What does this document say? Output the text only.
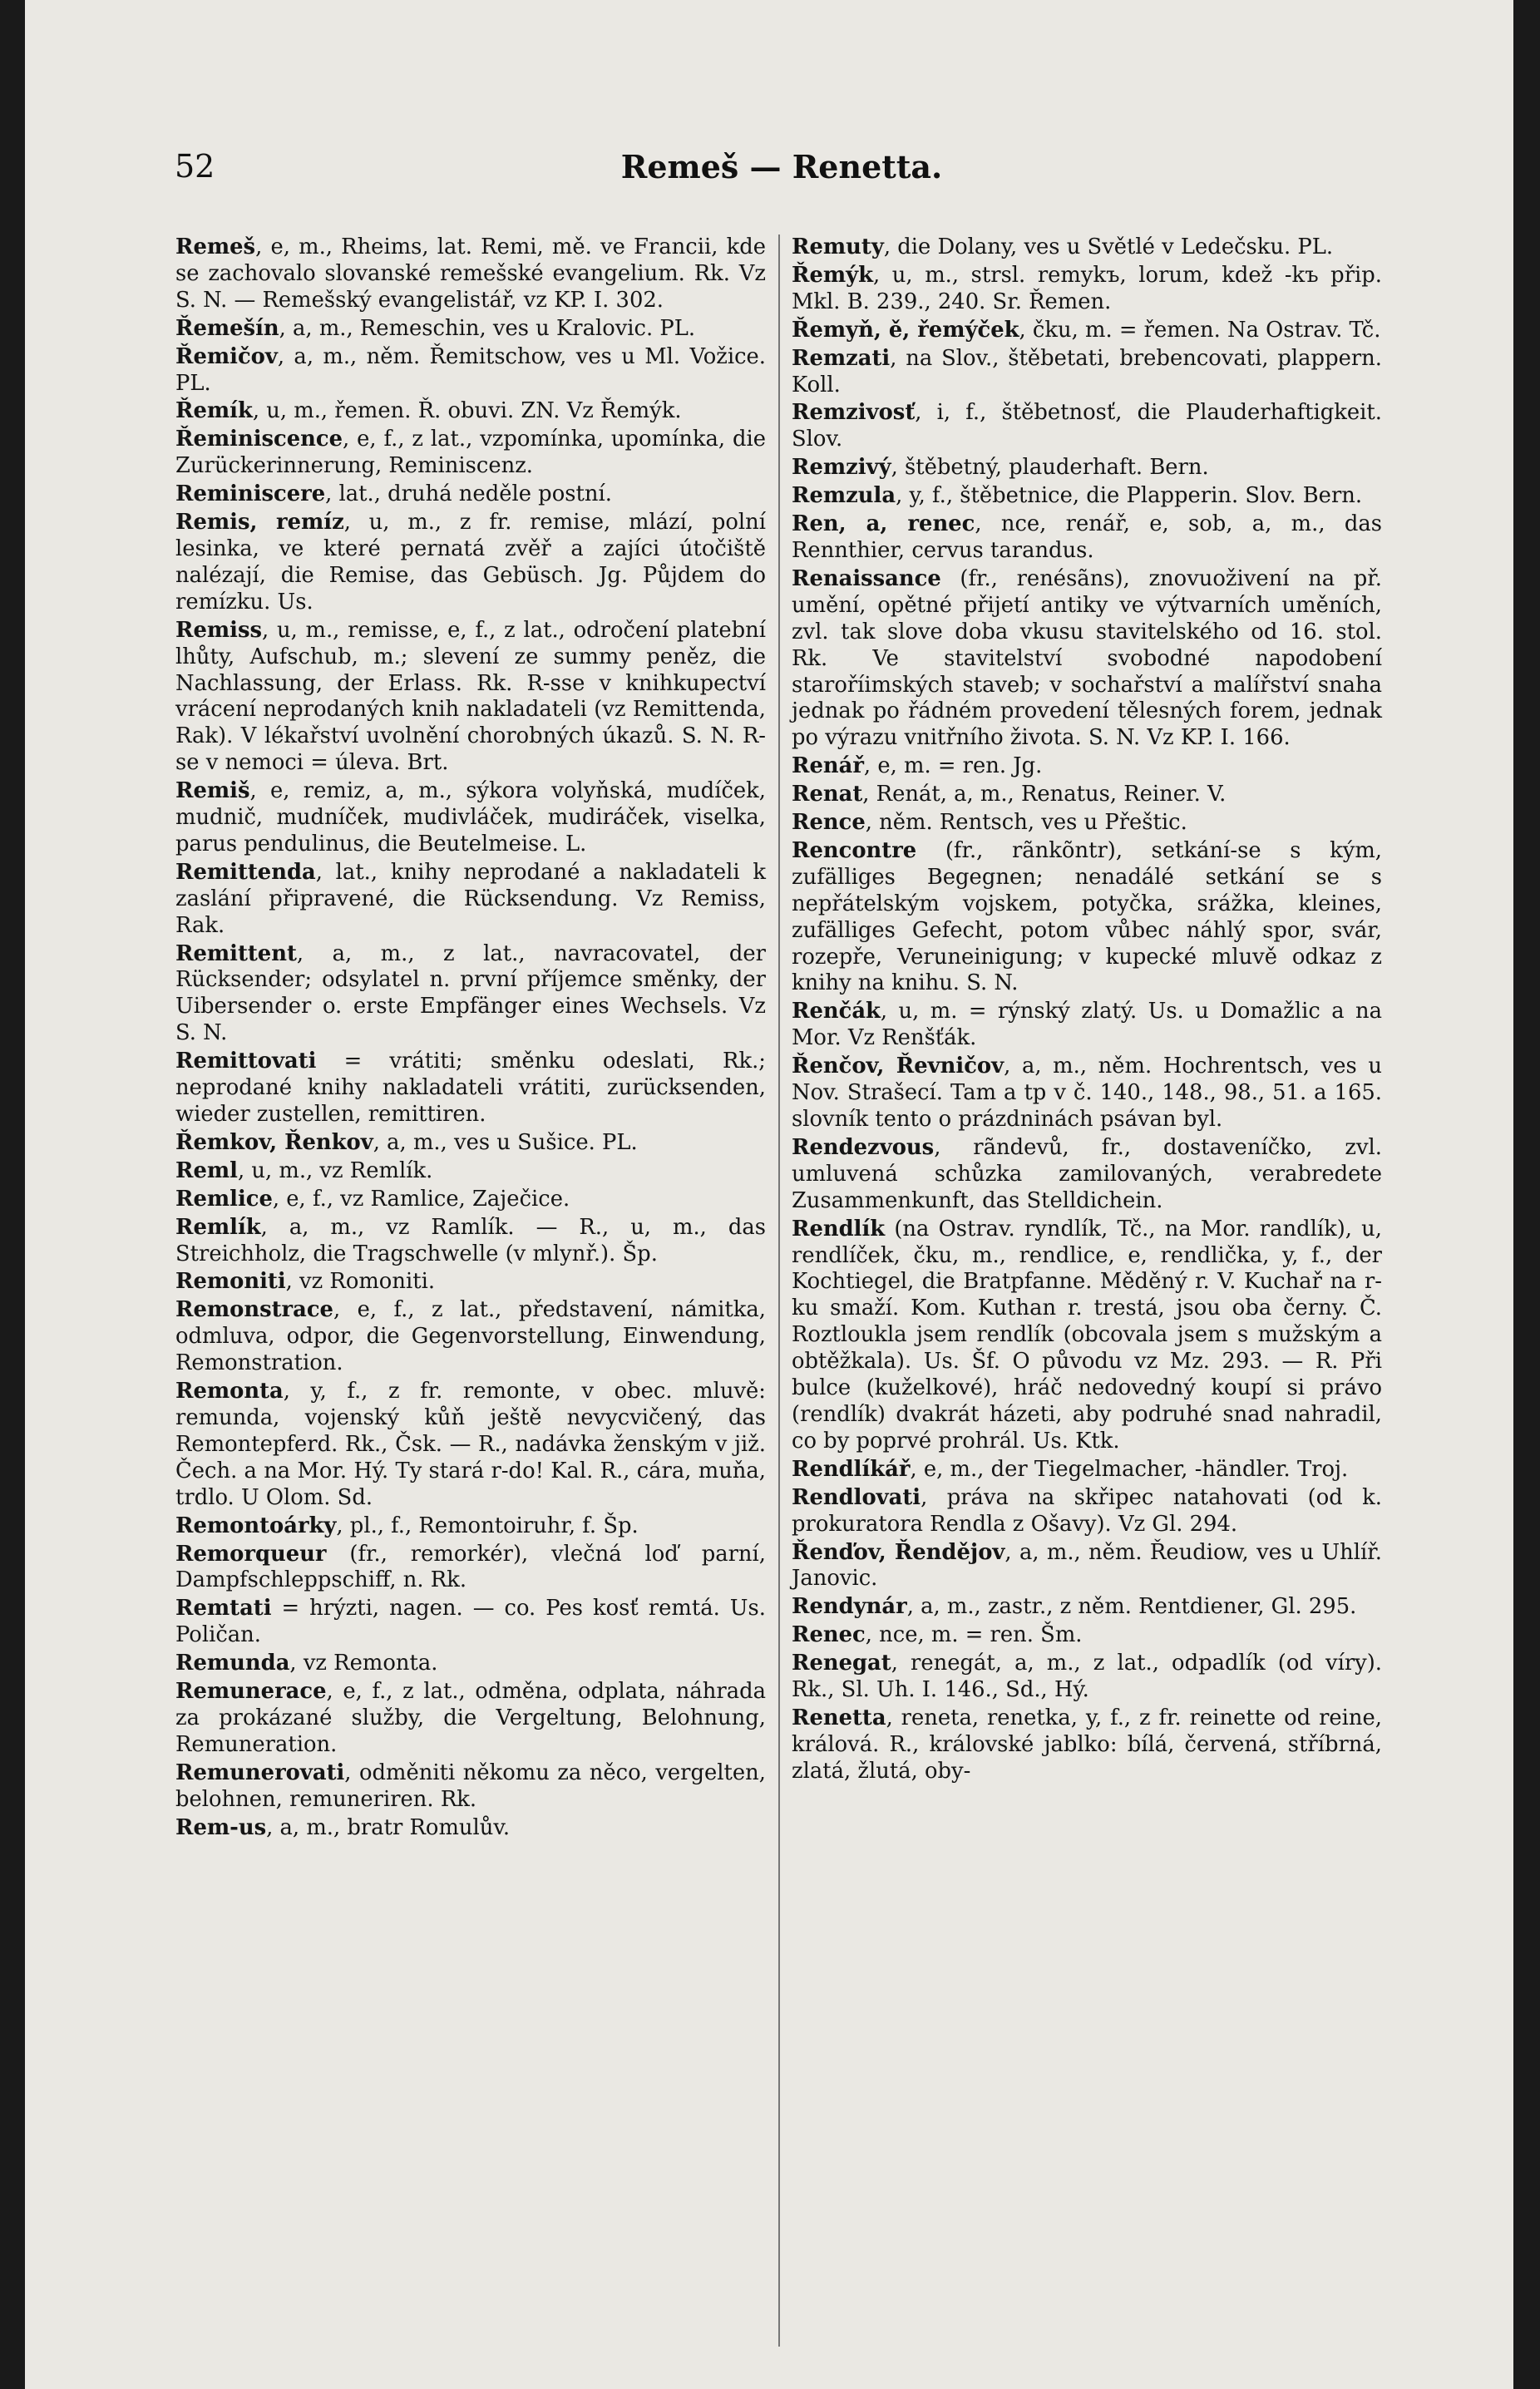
52	Remeš — Renetta.

Remeš, e, m., Rheims, lat. Remi, mě. ve Francii, kde se zachovalo slovanské remešské evangelium. Rk. Vz S. N. — Remešský evangelistář, vz KP. I. 302.

Řemešín, a, m., Remeschin, ves u Kralovic. PL.

Řemičov, a, m., něm. Řemitschow, ves u Ml. Vožice. PL.

Řemík, u, m., řemen. Ř. obuvi. ZN. Vz Řemýk.

Řeminiscence, e, f., z lat., vzpomínka, upomínka, die Zurückerinnerung, Reminiscenz.

Reminiscere, lat., druhá neděle postní.

Remis, remíz, u, m., z fr. remise, mlází, polní lesinka, ve které pernatá zvěř a zajíci útočiště nalézají, die Remise, das Gebüsch. Jg. Půjdem do remízku. Us.

Remiss, u, m., remisse, e, f., z lat., odročení platební lhůty, Aufschub, m.; slevení ze summy peněz, die Nachlassung, der Erlass. Rk. R-sse v knihkupectví vrácení neprodaných knih nakladateli (vz Remittenda, Rak). V lékařství uvolnění chorobných úkazů. S. N. R-se v nemoci = úleva. Brt.

Remiš, e, remiz, a, m., sýkora volyňská, mudíček, mudnič, mudníček, mudivláček, mudiráček, viselka, parus pendulinus, die Beutelmeise. L.

Remittenda, lat., knihy neprodané a nakladateli k zaslání připravené, die Rücksendung. Vz Remiss, Rak.

Remittent, a, m., z lat., navracovatel, der Rücksender; odsylatel n. první příjemce směnky, der Uibersender o. erste Empfänger eines Wechsels. Vz S. N.

Remittovati = vrátiti; směnku odeslati, Rk.; neprodané knihy nakladateli vrátiti, zurücksenden, wieder zustellen, remittiren.

Řemkov, Řenkov, a, m., ves u Sušice. PL.

Reml, u, m., vz Remlík.

Remlice, e, f., vz Ramlice, Zaječice.

Remlík, a, m., vz Ramlík. — R., u, m., das Streichholz, die Tragschwelle (v mlynř.). Šp.

Remoniti, vz Romoniti.

Remonstrace, e, f., z lat., představení, námitka, odmluva, odpor, die Gegenvorstellung, Einwendung, Remonstration.

Remonta, y, f., z fr. remonte, v obec. mluvě: remunda, vojenský kůň ještě nevycvičený, das Remontepferd. Rk., Čsk. — R., nadávka ženským v již. Čech. a na Mor. Hý. Ty stará r-do! Kal. R., cára, muňa, trdlo. U Olom. Sd.

Remontoárky, pl., f., Remontoiruhr, f. Šp.

Remorqueur (fr., remorkér), vlečná loď parní, Dampfschleppschiff, n. Rk.

Remtati = hrýzti, nagen. — co. Pes kosť remtá. Us. Poličan.

Remunda, vz Remonta.

Remunerace, e, f., z lat., odměna, odplata, náhrada za prokázané služby, die Vergeltung, Belohnung, Remuneration.

Remunerovati, odměniti někomu za něco, vergelten, belohnen, remuneriren. Rk.

Rem-us, a, m., bratr Romulův.

Remuty, die Dolany, ves u Světlé v Ledečsku. PL.

Řemýk, u, m., strsl. remykъ, lorum, kdež -kъ přip. Mkl. B. 239., 240. Sr. Řemen.

Řemyň, ě, řemýček, čku, m. = řemen. Na Ostrav. Tč.

Remzati, na Slov., štěbetati, brebencovati, plappern. Koll.

Remzivosť, i, f., štěbetnosť, die Plauderhaftigkeit. Slov.

Remzivý, štěbetný, plauderhaft. Bern.

Remzula, y, f., štěbetnice, die Plapperin. Slov. Bern.

Ren, a, renec, nce, renář, e, sob, a, m., das Rennthier, cervus tarandus.

Renaissance (fr., renésãns), znovuoživení na př. umění, opětné přijetí antiky ve výtvarních uměních, zvl. tak slove doba vkusu stavitelského od 16. stol. Rk. Ve stavitelství svobodné napodobení staroříimských staveb; v sochařství a malířství snaha jednak po řádném provedení tělesných forem, jednak po výrazu vnitřního života. S. N. Vz KP. I. 166.

Renář, e, m. = ren. Jg.

Renat, Renát, a, m., Renatus, Reiner. V.

Rence, něm. Rentsch, ves u Přeštic.

Rencontre (fr., rãnkõntr), setkání-se s kým, zufälliges Begegnen; nenadálé setkání se s nepřátelským vojskem, potyčka, srážka, kleines, zufälliges Gefecht, potom vůbec náhlý spor, svár, rozepře, Veruneinigung; v kupecké mluvě odkaz z knihy na knihu. S. N.

Renčák, u, m. = rýnský zlatý. Us. u Domažlic a na Mor. Vz Renšťák.

Řenčov, Řevničov, a, m., něm. Hochrentsch, ves u Nov. Strašecí. Tam a tp v č. 140., 148., 98., 51. a 165. slovník tento o prázdninách psávan byl.

Rendezvous, rãndevů, fr., dostaveníčko, zvl. umluvená schůzka zamilovaných, verabredete Zusammenkunft, das Stelldichein.

Rendlík (na Ostrav. ryndlík, Tč., na Mor. randlík), u, rendlíček, čku, m., rendlice, e, rendlička, y, f., der Kochtiegel, die Bratpfanne. Měděný r. V. Kuchař na r-ku smaží. Kom. Kuthan r. trestá, jsou oba černy. Č. Roztloukla jsem rendlík (obcovala jsem s mužským a obtěžkala). Us. Šf. O původu vz Mz. 293. — R. Při bulce (kuželkové), hráč nedovedný koupí si právo (rendlík) dvakrát házeti, aby podruhé snad nahradil, co by poprvé prohrál. Us. Ktk.

Rendlíkář, e, m., der Tiegelmacher, -händler. Troj.

Rendlovati, práva na skřipec natahovati (od k. prokuratora Rendla z Ošavy). Vz Gl. 294.

Řenďov, Řendějov, a, m., něm. Řeudiow, ves u Uhlíř. Janovic.

Rendynár, a, m., zastr., z něm. Rentdiener, Gl. 295.

Renec, nce, m. = ren. Šm.

Renegat, renegát, a, m., z lat., odpadlík (od víry). Rk., Sl. Uh. I. 146., Sd., Hý.

Renetta, reneta, renetka, y, f., z fr. reinette od reine, králová. R., královské jablko: bílá, červená, stříbrná, zlatá, žlutá, oby-
